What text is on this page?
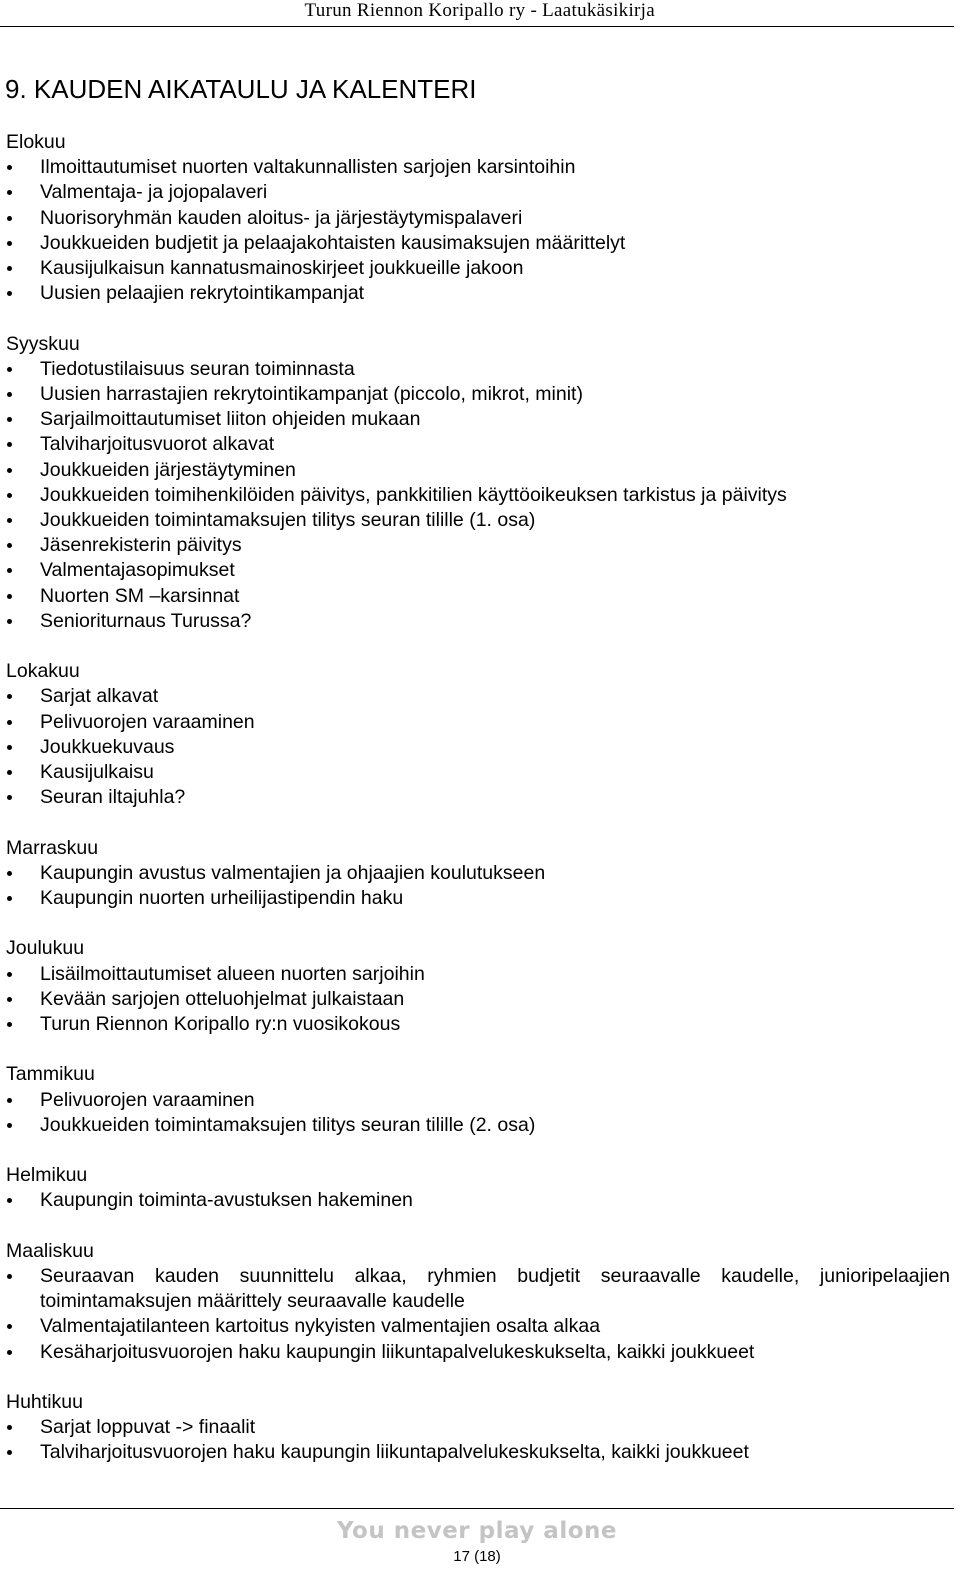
Turun Riennon Koripallo ry - Laatukäsikirja
9. KAUDEN AIKATAULU JA KALENTERI
Elokuu
Ilmoittautumiset nuorten valtakunnallisten sarjojen karsintoihin
Valmentaja- ja jojopalaveri
Nuorisoryhmän kauden aloitus- ja järjestäytymispalaveri
Joukkueiden budjetit ja pelaajakohtaisten kausimaksujen määrittelyt
Kausijulkaisun kannatusmainoskirjeet joukkueille jakoon
Uusien pelaajien rekrytointikampanjat
Syyskuu
Tiedotustilaisuus seuran toiminnasta
Uusien harrastajien rekrytointikampanjat (piccolo, mikrot, minit)
Sarjailmoittautumiset liiton ohjeiden mukaan
Talviharjoitusvuorot alkavat
Joukkueiden järjestäytyminen
Joukkueiden toimihenkilöiden päivitys, pankkitilien käyttöoikeuksen tarkistus ja päivitys
Joukkueiden toimintamaksujen tilitys seuran tilille (1. osa)
Jäsenrekisterin päivitys
Valmentajasopimukset
Nuorten SM –karsinnat
Senioriturnaus Turussa?
Lokakuu
Sarjat alkavat
Pelivuorojen varaaminen
Joukkuekuvaus
Kausijulkaisu
Seuran iltajuhla?
Marraskuu
Kaupungin avustus valmentajien ja ohjaajien koulutukseen
Kaupungin nuorten urheilijastipendin haku
Joulukuu
Lisäilmoittautumiset alueen nuorten sarjoihin
Kevään sarjojen otteluohjelmat julkaistaan
Turun Riennon Koripallo ry:n vuosikokous
Tammikuu
Pelivuorojen varaaminen
Joukkueiden toimintamaksujen tilitys seuran tilille (2. osa)
Helmikuu
Kaupungin toiminta-avustuksen hakeminen
Maaliskuu
Seuraavan kauden suunnittelu alkaa, ryhmien budjetit seuraavalle kaudelle, junioripelaajien toimintamaksujen määrittely seuraavalle kaudelle
Valmentajatilanteen kartoitus nykyisten valmentajien osalta alkaa
Kesäharjoitusvuorojen haku kaupungin liikuntapalvelukeskukselta, kaikki joukkueet
Huhtikuu
Sarjat loppuvat -> finaalit
Talviharjoitusvuorojen haku kaupungin liikuntapalvelukeskukselta, kaikki joukkueet
You never play alone
17 (18)
